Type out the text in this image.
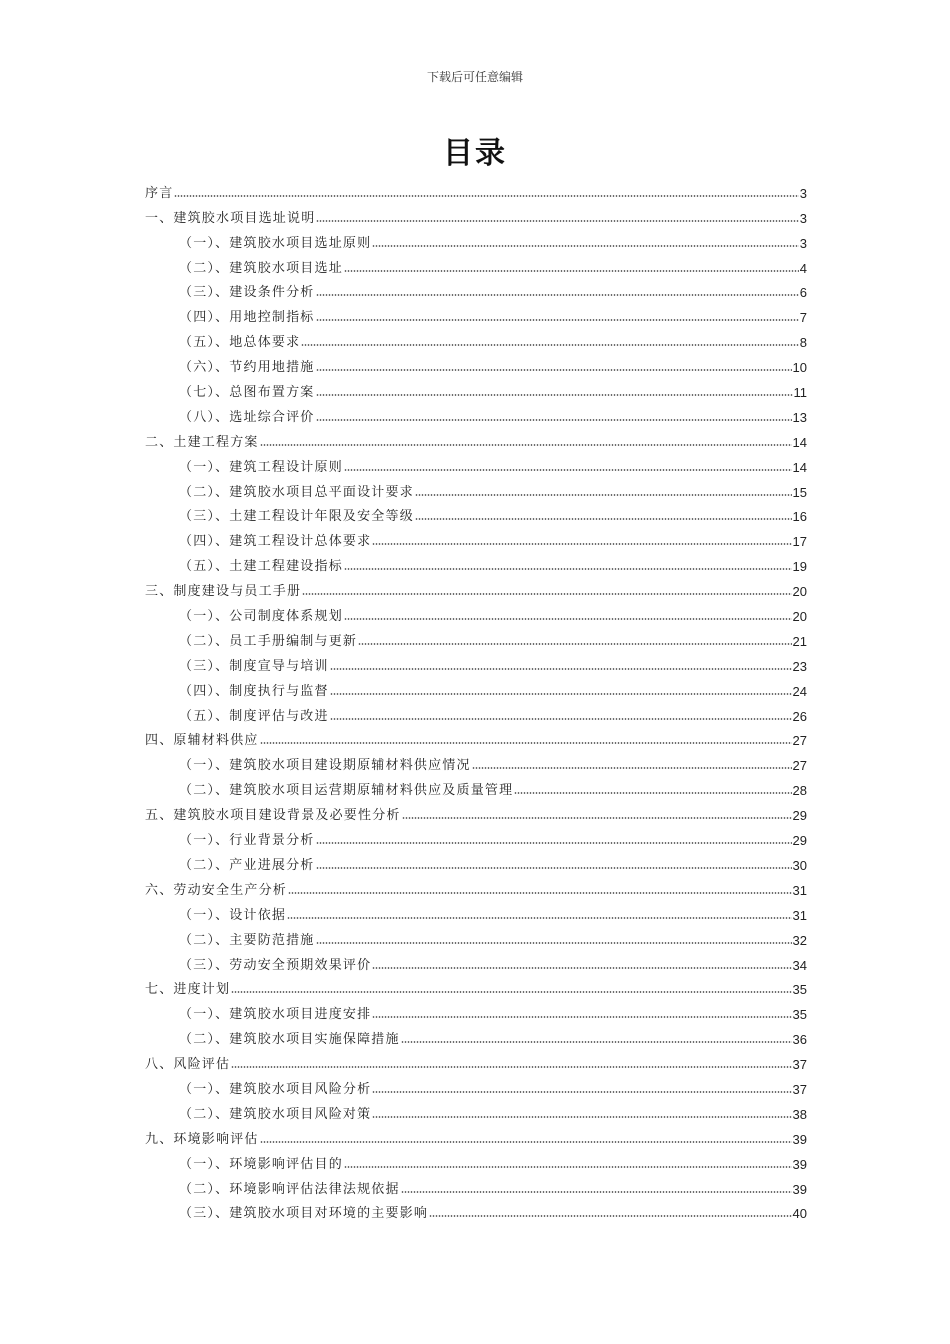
下载后可任意编辑
目录
序言	3
一、建筑胶水项目选址说明	3
（一）、建筑胶水项目选址原则	3
（二）、建筑胶水项目选址	4
（三）、建设条件分析	6
（四）、用地控制指标	7
（五）、地总体要求	8
（六）、节约用地措施	10
（七）、总图布置方案	11
（八）、选址综合评价	13
二、土建工程方案	14
（一）、建筑工程设计原则	14
（二）、建筑胶水项目总平面设计要求	15
（三）、土建工程设计年限及安全等级	16
（四）、建筑工程设计总体要求	17
（五）、土建工程建设指标	19
三、制度建设与员工手册	20
（一）、公司制度体系规划	20
（二）、员工手册编制与更新	21
（三）、制度宣导与培训	23
（四）、制度执行与监督	24
（五）、制度评估与改进	26
四、原辅材料供应	27
（一）、建筑胶水项目建设期原辅材料供应情况	27
（二）、建筑胶水项目运营期原辅材料供应及质量管理	28
五、建筑胶水项目建设背景及必要性分析	29
（一）、行业背景分析	29
（二）、产业进展分析	30
六、劳动安全生产分析	31
（一）、设计依据	31
（二）、主要防范措施	32
（三）、劳动安全预期效果评价	34
七、进度计划	35
（一）、建筑胶水项目进度安排	35
（二）、建筑胶水项目实施保障措施	36
八、风险评估	37
（一）、建筑胶水项目风险分析	37
（二）、建筑胶水项目风险对策	38
九、环境影响评估	39
（一）、环境影响评估目的	39
（二）、环境影响评估法律法规依据	39
（三）、建筑胶水项目对环境的主要影响	40
